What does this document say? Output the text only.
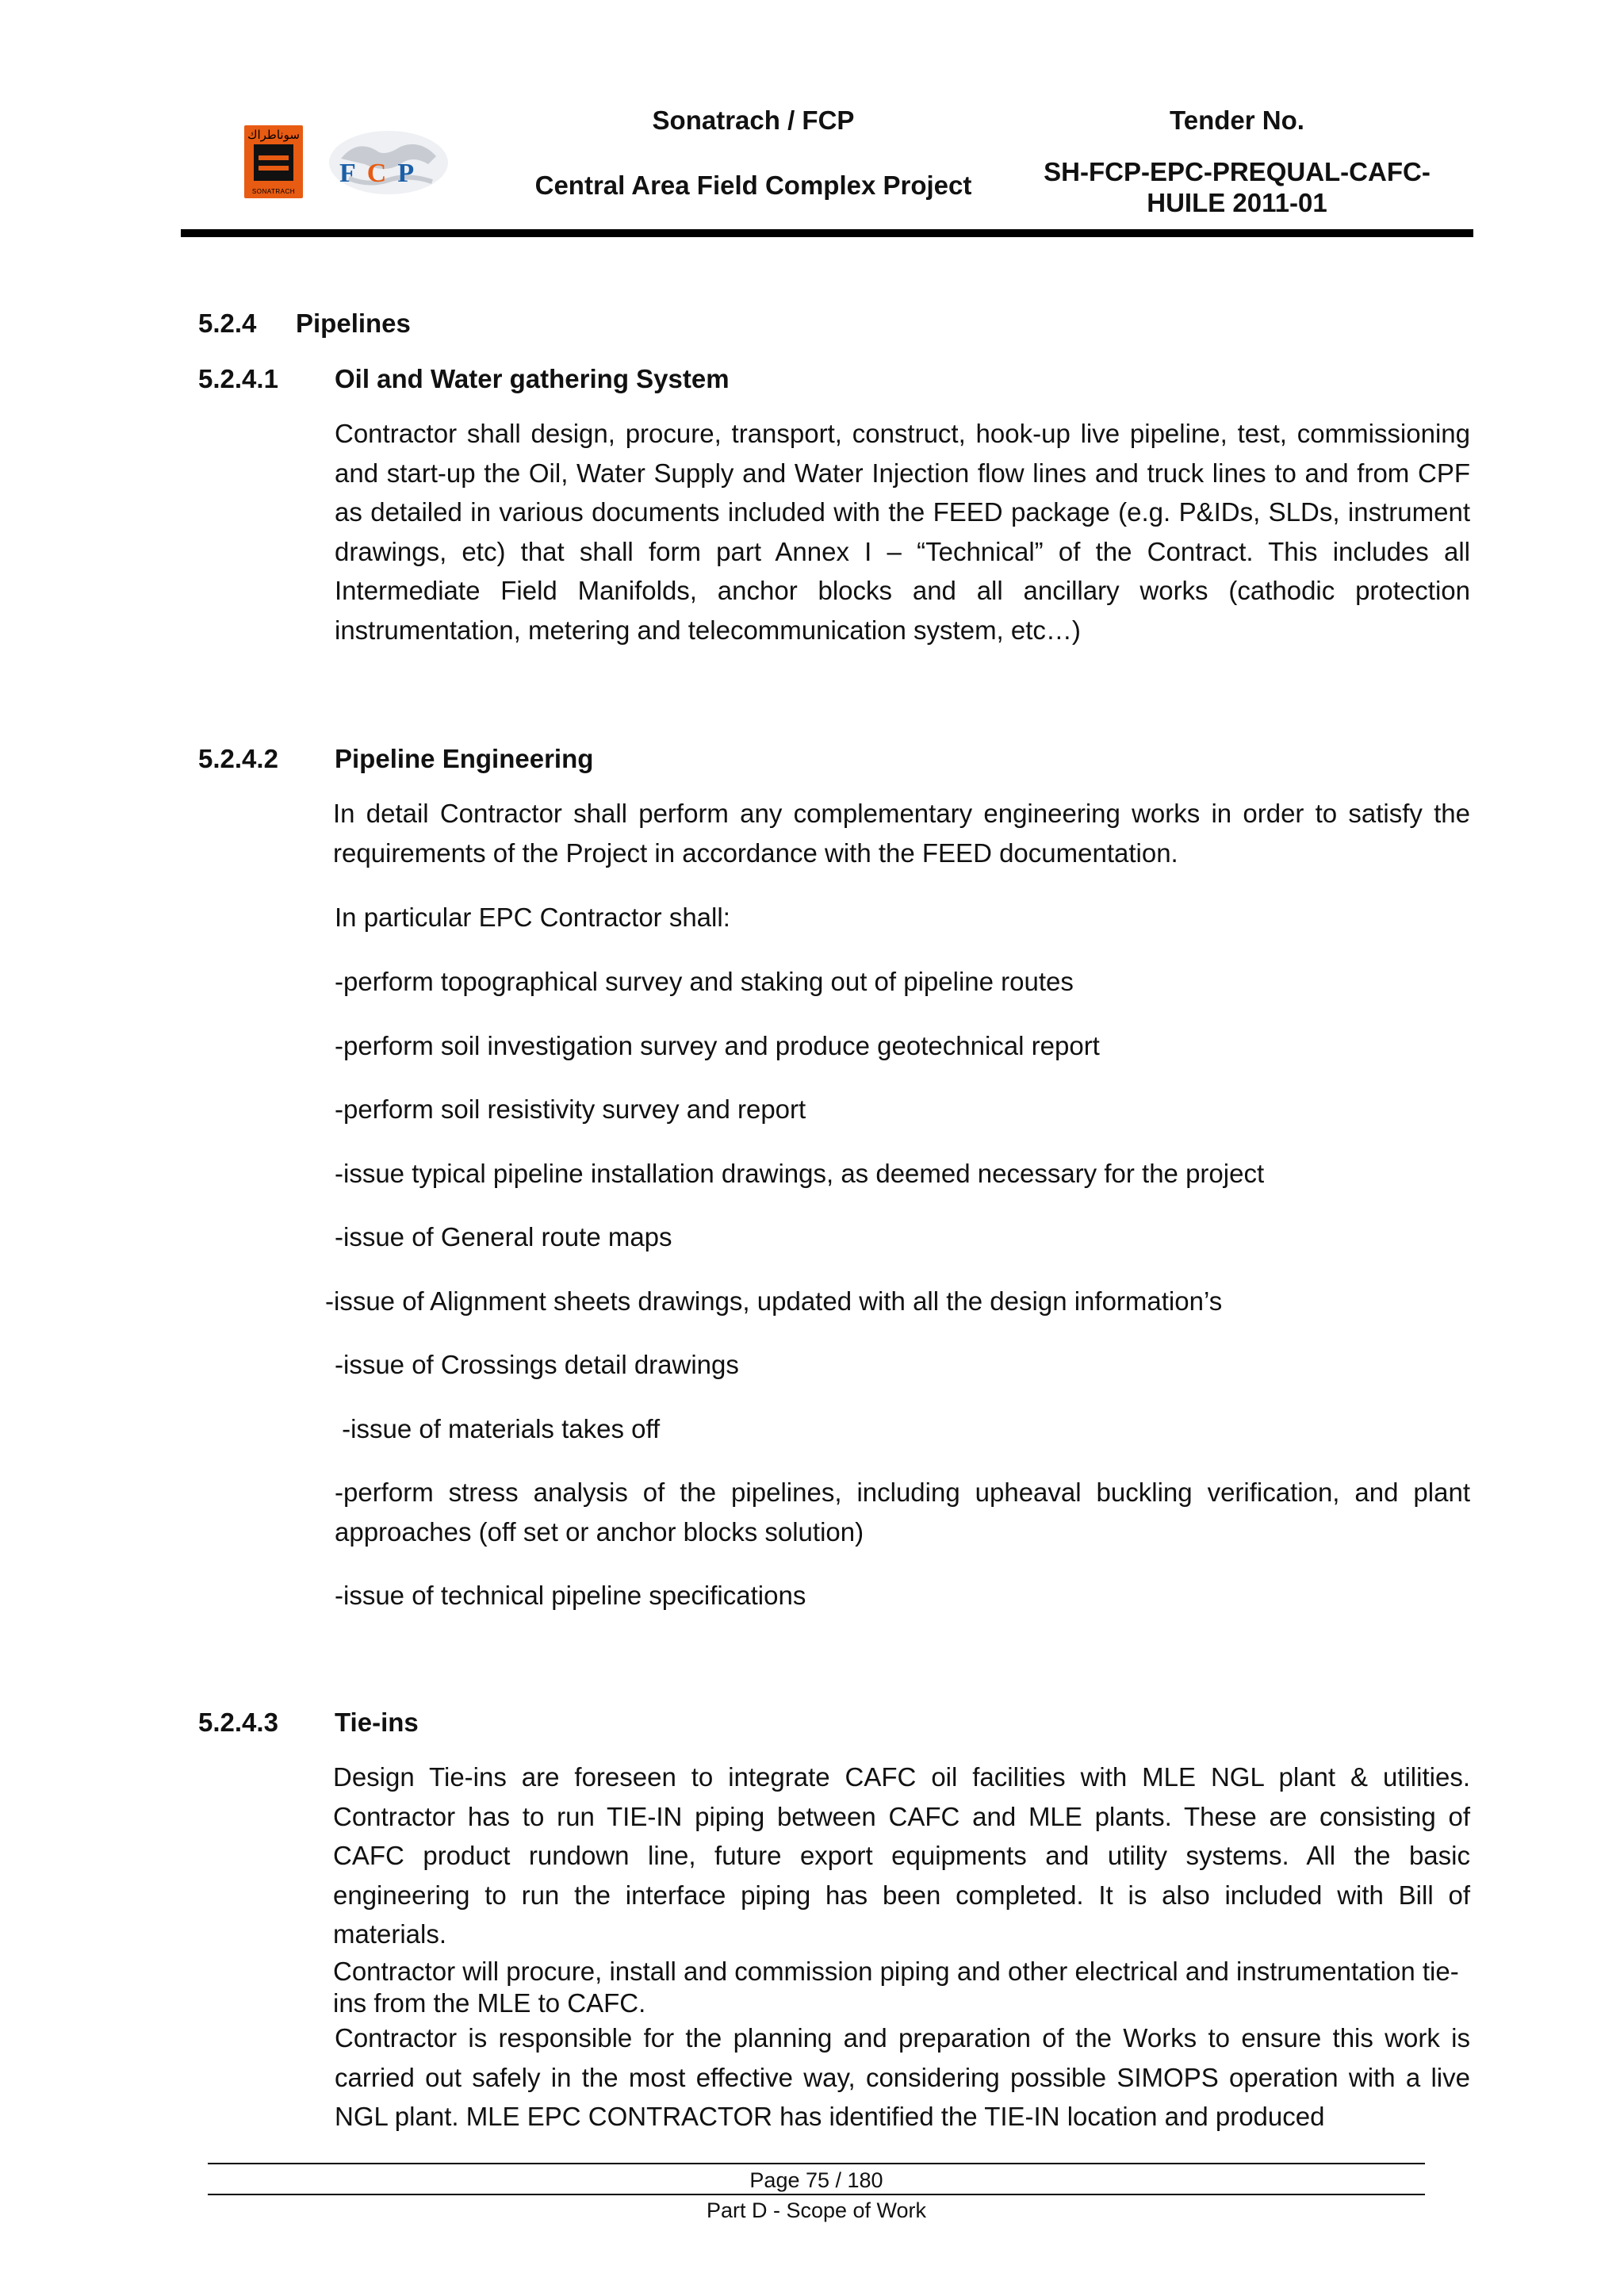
سوناطراك
SONATRACH
FCP
Sonatrach / FCP
Central Area Field Complex Project
Tender No.
SH-FCP-EPC-PREQUAL-CAFC-HUILE 2011-01
5.2.4 Pipelines
5.2.4.1 Oil and Water gathering System
Contractor shall design, procure, transport, construct, hook-up live pipeline, test, commissioning and start-up the Oil, Water Supply and Water Injection flow lines and truck lines to and from CPF as detailed in various documents included with the FEED package (e.g. P&IDs, SLDs, instrument drawings, etc) that shall form part Annex I – “Technical” of the Contract. This includes all Intermediate Field Manifolds, anchor blocks and all ancillary works (cathodic protection instrumentation, metering and telecommunication system, etc…)
5.2.4.2 Pipeline Engineering
In detail Contractor shall perform any complementary engineering works in order to satisfy the requirements of the Project in accordance with the FEED documentation.
In particular EPC Contractor shall:
-perform topographical survey and staking out of pipeline routes
-perform soil investigation survey and produce geotechnical report
-perform soil resistivity survey and report
-issue typical pipeline installation drawings, as deemed necessary for the project
-issue of General route maps
-issue of Alignment sheets drawings, updated with all the design information’s
-issue of Crossings detail drawings
-issue of materials takes off
-perform stress analysis of the pipelines, including upheaval buckling verification, and plant approaches (off set or anchor blocks solution)
-issue of technical pipeline specifications
5.2.4.3 Tie-ins
Design Tie-ins are foreseen to integrate CAFC oil facilities with MLE NGL plant & utilities. Contractor has to run TIE-IN piping between CAFC and MLE plants. These are consisting of CAFC product rundown line, future export equipments and utility systems. All the basic engineering to run the interface piping has been completed. It is also included with Bill of materials.
Contractor will procure, install and commission piping and other electrical and instrumentation tie-ins from the MLE to CAFC.
Contractor is responsible for the planning and preparation of the Works to ensure this work is carried out safely in the most effective way, considering possible SIMOPS operation with a live NGL plant. MLE EPC CONTRACTOR has identified the TIE-IN location and produced
Page 75 / 180
Part D - Scope of Work
